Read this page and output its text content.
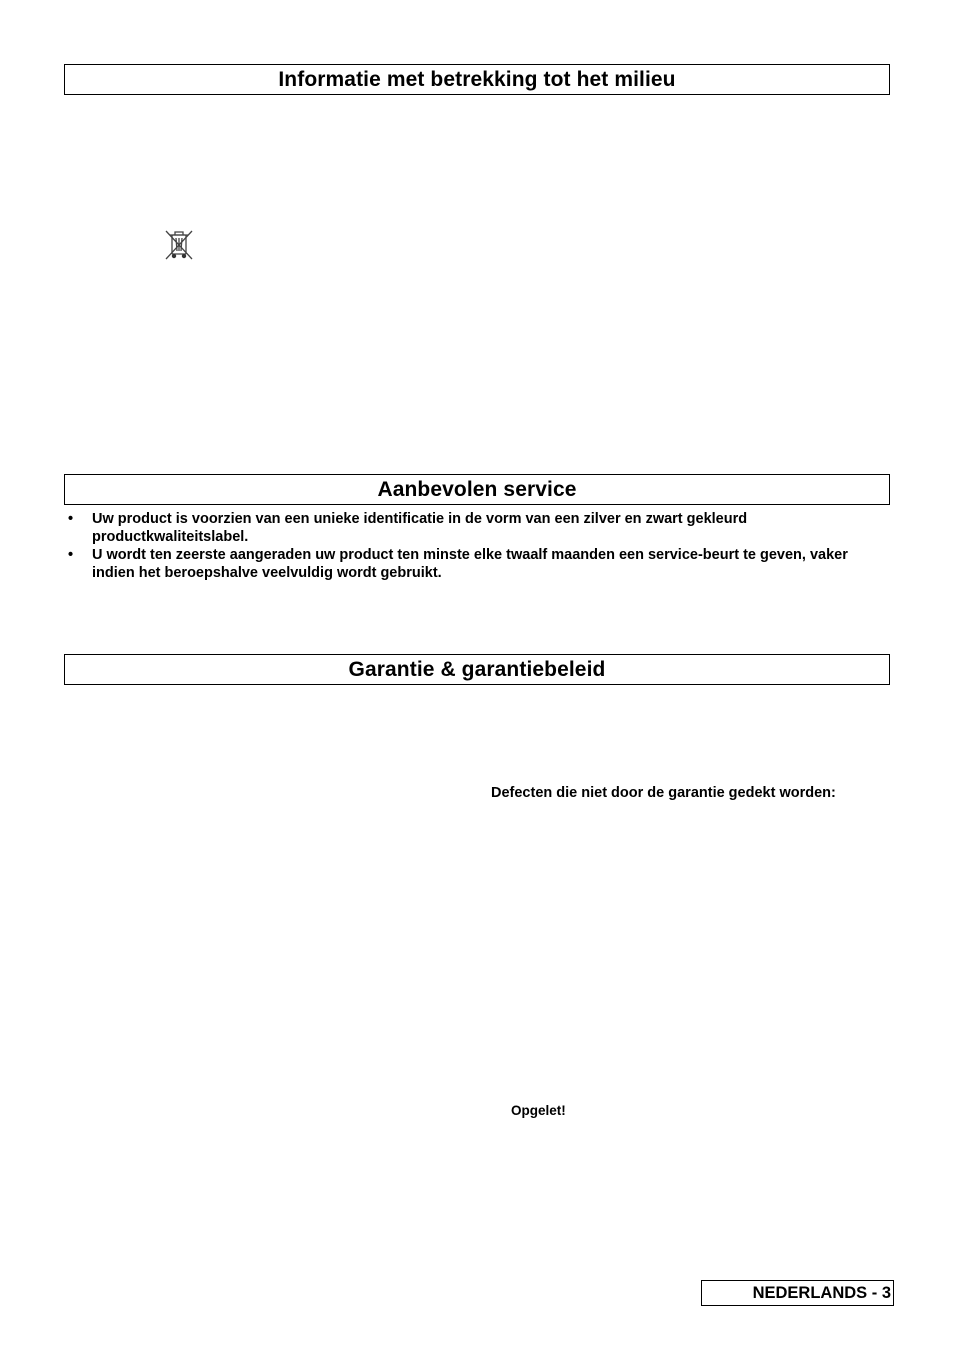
Informatie met betrekking tot het milieu
Aanbevolen service
• Uw product is voorzien van een unieke identificatie in de vorm van een zilver en zwart gekleurd productkwaliteitslabel.
• U wordt ten zeerste aangeraden uw product ten minste elke twaalf maanden een service-beurt te geven, vaker indien het beroepshalve veelvuldig wordt gebruikt.
Garantie & garantiebeleid
Defecten die niet door de garantie gedekt worden:
Opgelet!
NEDERLANDS - 3
